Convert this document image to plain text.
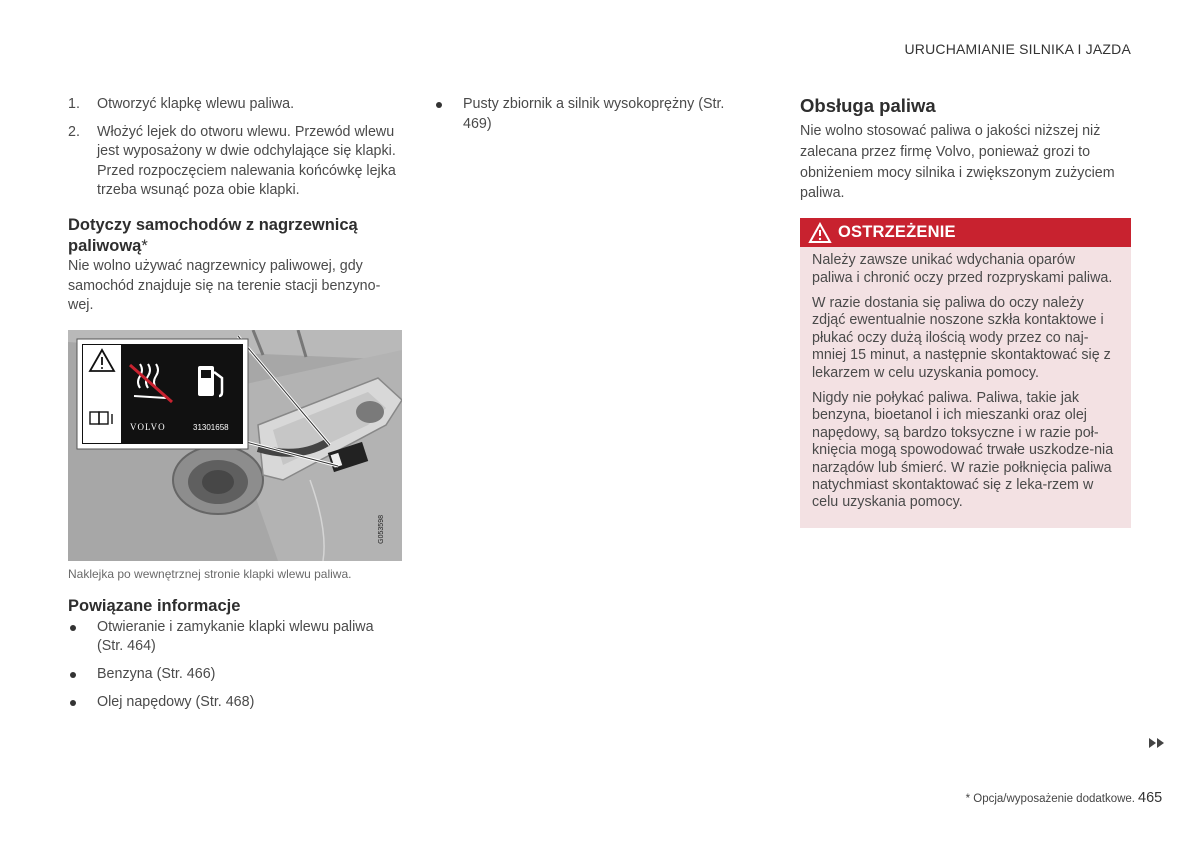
URUCHAMIANIE SILNIKA I JAZDA
1. Otworzyć klapkę wlewu paliwa.
2. Włożyć lejek do otworu wlewu. Przewód wlewu jest wyposażony w dwie odchylające się klapki. Przed rozpoczęciem nalewania końcówkę lejka trzeba wsunąć poza obie klapki.
Dotyczy samochodów z nagrzewnicą paliwową*

Nie wolno używać nagrzewnicy paliwowej, gdy samochód znajduje się na terenie stacji benzyno-wej.

VOLVO	31301658
G053598
Naklejka po wewnętrznej stronie klapki wlewu paliwa.
Powiązane informacje
Otwieranie i zamykanie klapki wlewu paliwa (Str. 464)
Benzyna (Str. 466)
Olej napędowy (Str. 468)
Pusty zbiornik a silnik wysokoprężny (Str. 469)
Obsługa paliwa

Nie wolno stosować paliwa o jakości niższej niż zalecana przez firmę Volvo, ponieważ grozi to obniżeniem mocy silnika i zwiększonym zużyciem paliwa.

OSTRZEŻENIE

Należy zawsze unikać wdychania oparów paliwa i chronić oczy przed rozpryskami paliwa.

W razie dostania się paliwa do oczy należy zdjąć ewentualnie noszone szkła kontaktowe i płukać oczy dużą ilością wody przez co naj-mniej 15 minut, a następnie skontaktować się z lekarzem w celu uzyskania pomocy.

Nigdy nie połykać paliwa. Paliwa, takie jak benzyna, bioetanol i ich mieszanki oraz olej napędowy, są bardzo toksyczne i w razie poł-knięcia mogą spowodować trwałe uszkodze-nia narządów lub śmierć. W razie połknięcia paliwa natychmiast skontaktować się z leka-rzem w celu uzyskania pomocy.

* Opcja/wyposażenie dodatkowe. 465
